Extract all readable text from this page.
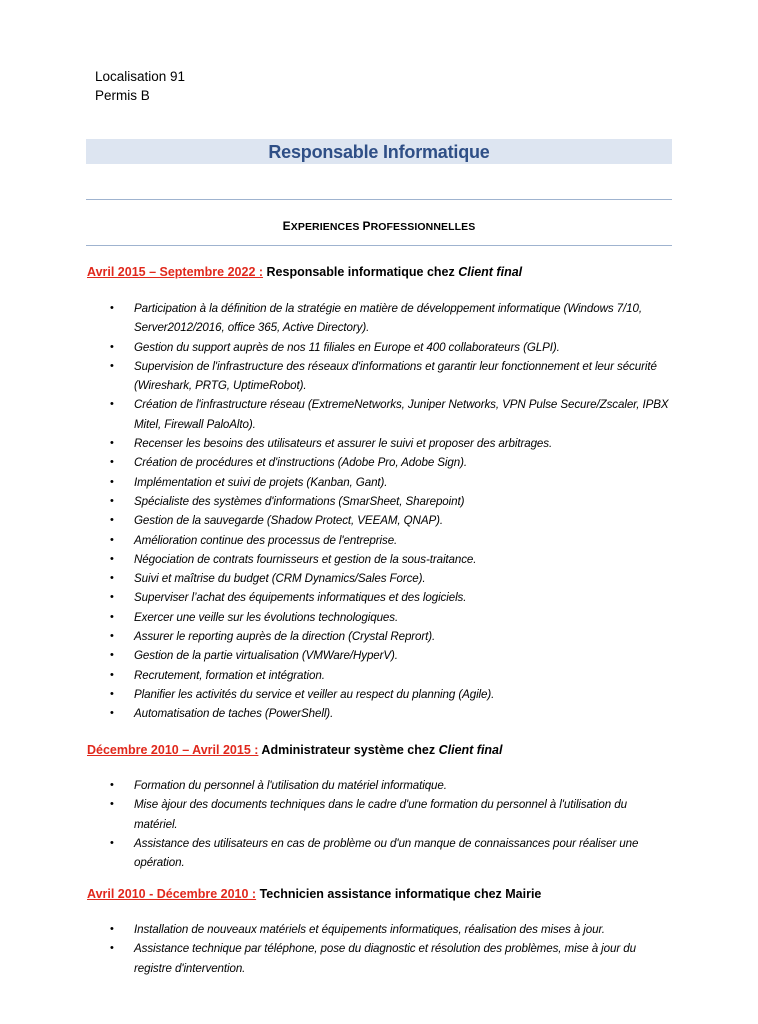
Localisation 91
Permis B
Responsable Informatique
EXPERIENCES PROFESSIONNELLES
Avril 2015 – Septembre 2022 : Responsable informatique chez Client final
• Participation à la définition de la stratégie en matière de développement informatique (Windows 7/10, Server2012/2016, office 365, Active Directory).
• Gestion du support auprès de nos 11 filiales en Europe et 400 collaborateurs (GLPI).
• Supervision de l'infrastructure des réseaux d'informations et garantir leur fonctionnement et leur sécurité (Wireshark, PRTG, UptimeRobot).
• Création de l'infrastructure réseau (ExtremeNetworks, Juniper Networks, VPN Pulse Secure/Zscaler, IPBX Mitel, Firewall PaloAlto).
• Recenser les besoins des utilisateurs et assurer le suivi et proposer des arbitrages.
• Création de procédures et d'instructions (Adobe Pro, Adobe Sign).
• Implémentation et suivi de projets (Kanban, Gant).
• Spécialiste des systèmes d'informations (SmarSheet, Sharepoint)
• Gestion de la sauvegarde (Shadow Protect, VEEAM, QNAP).
• Amélioration continue des processus de l'entreprise.
• Négociation de contrats fournisseurs et gestion de la sous-traitance.
• Suivi et maîtrise du budget (CRM Dynamics/Sales Force).
• Superviser l’achat des équipements informatiques et des logiciels.
• Exercer une veille sur les évolutions technologiques.
• Assurer le reporting auprès de la direction (Crystal Reprort).
• Gestion de la partie virtualisation (VMWare/HyperV).
• Recrutement, formation et intégration.
• Planifier les activités du service et veiller au respect du planning (Agile).
• Automatisation de taches (PowerShell).
Décembre 2010 – Avril 2015 : Administrateur système chez Client final
• Formation du personnel à l'utilisation du matériel informatique.
• Mise àjour des documents techniques dans le cadre d'une formation du personnel à l'utilisation du matériel.
• Assistance des utilisateurs en cas de problème ou d'un manque de connaissances pour réaliser une opération.
Avril 2010 - Décembre 2010 : Technicien assistance informatique chez Mairie
• Installation de nouveaux matériels et équipements informatiques, réalisation des mises à jour.
• Assistance technique par téléphone, pose du diagnostic et résolution des problèmes, mise à jour du registre d'intervention.
